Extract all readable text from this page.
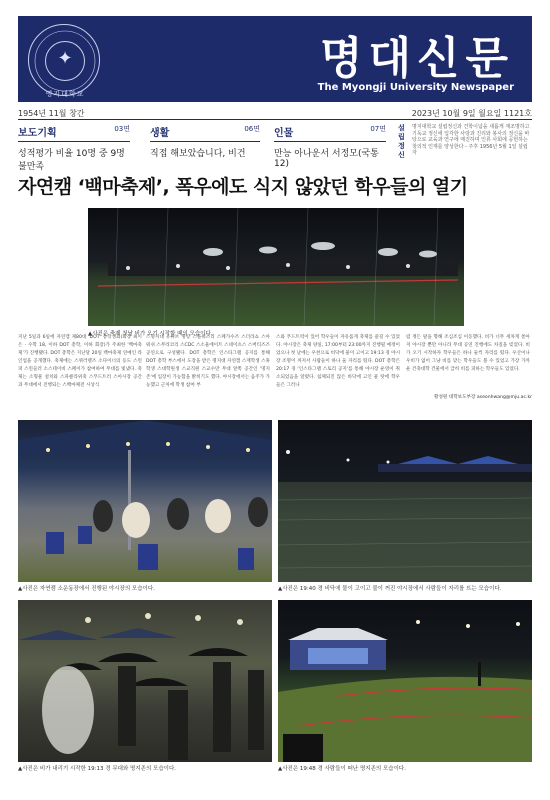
✦
명지대학교
명대신문
The Myongji University Newspaper
1954년 11월 창간	2023년 10월 9일 월요일 1121호
보도기획	03면
성적평가 비율 10명 중 9명 불만족
생활	06면
직접 해보았습니다, 비건
인물	07면
만능 아나운서 서정모(국통 12)
설립정신
명지대학교 설립정신과 건학이념을 새롭게 재조명하고 기독교 정신에 입각한 사랑과 진리와 봉사의 정신을 바탕으로 교육과 연구에 매진하며 인류 사회에 공헌하는 창의적 인재를 양성한다 - 주후 1956년 5월 1일 설립자
자연캠 ‘백마축제’, 폭우에도 식지 않았던 학우들의 열기
▲사진은 축제 첫날 비가 오기 시작할 때의 모습이다.
지난 5일과 6일에 자연캠 제80대 'DOT' 총학생회(회장 최시은 · 수학 18, 이하 DOT 총학, 이하 회장)가 주최한 '백마축제'가 진행됐다. DOT 총학은 지난달 20일 백마축제 연예인 라인업을 공개했다. 축제에는 스퀴러렐즈 소다이너의 등도 스윈퍼 스윈들러 소스테이비 스페이가 참여하여 무대를 빛냈다. 축제는 소형물 설치와 스파클라위축 스푸드트러 스아시장 공간과 무대에서 진행되는 스백마체전 시상식
스명지대 유튜브 명랑 스플워즈리 스페가수즈 스더라쇼 스아워쉬 스무라코리 스CDC 스소울에이트 스네이츠스 스버티즈즈 공연으로 구성됐다. DOT 총학은 인스타그램 공지를 통해 DOT 총학 부스에서 도장을 받은 명지대 자연캠 스재학생 스휴학생 스대학원생 스교직원 스교수만 무대 앞쪽 공간인 '명지존'에 입장이 가능함을 밝히기도 했다. 야시장에서는 음주가 가능했고 근처에 학생 참여 부
스와 푸드트럭이 있어 학우들이 자유롭게 축제를 즐길 수 있었다. 야시장은 축제 양일, 17:00부터 23:00까지 진행될 예정이었으나 첫 날에는 우천으로 비닥에 물이 고이고 19:13 경 야시장 조명이 꺼져서 사람들이 하나 둘 자리를 떴다. DOT 총학은 20:17 경 '인스타그램 스토리 공지'를 통해 야시장 운영이 취소되었음을 알렸다. 침체되진 않은 바닥에 고인 물 탓에 학우들은 그러나
럼 정든 팔을 향해 조심조심 이동했다. 비가 너무 세차게 쏟아져 야시장 뿐만 아니라 무대 공연 진행에도 차질을 빚었다. 비가 오기 시작하자 학우들은 하나 둘씩 자리를 떴다. 우산이나 우비가 없어 그냥 비를 맞는 학우들도 볼 수 있었고 가장 가까운 건축대학 건물에서 급히 비를 피하는 학우들도 있었다.
황성원 대학보도부장 aseonhwang@mju.ac.kr
▲사진은 자연캠 소운동장에서 진행된 야시장의 모습이다.	▲사진은 19:40 경 비닥에 물이 고이고 불이 꺼진 야시장에서 사람들이 자리를 뜨는 모습이다.
▲사진은 비가 내리기 시작한 19:13 경 무대와 명지존의 모습이다.	▲사진은 19:48 경 사람들이 떠난 명지존의 모습이다.
